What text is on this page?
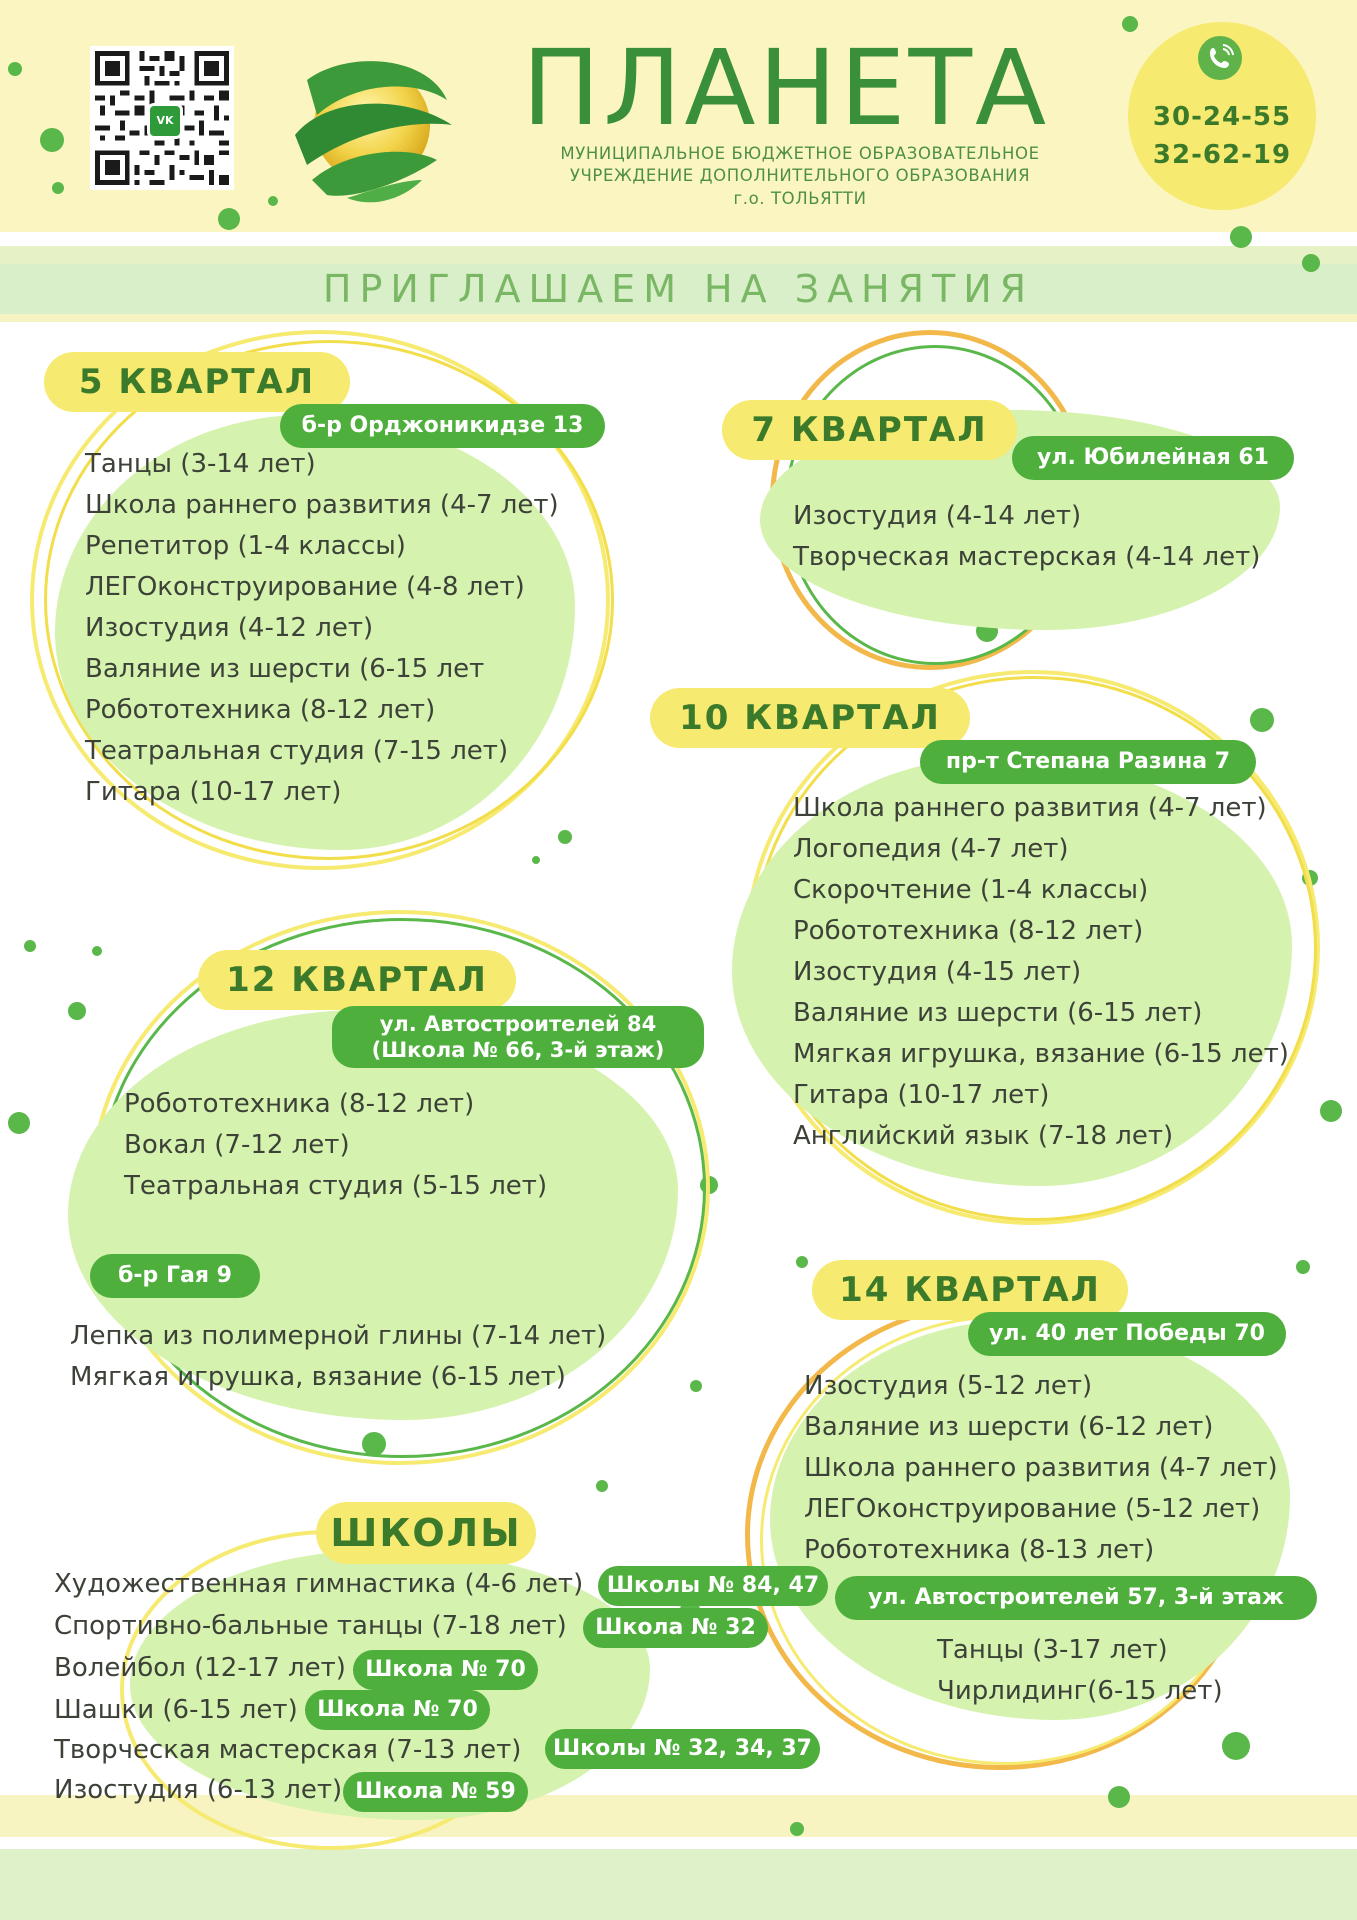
VK	ПЛАНЕТА
МУНИЦИПАЛЬНОЕ БЮДЖЕТНОЕ ОБРАЗОВАТЕЛЬНОЕ
УЧРЕЖДЕНИЕ ДОПОЛНИТЕЛЬНОГО ОБРАЗОВАНИЯ
г.о. ТОЛЬЯТТИ
30-24-55
32-62-19
ПРИГЛАШАЕМ НА ЗАНЯТИЯ
5 КВАРТАЛ
б-р Орджоникидзе 13
Танцы (3-14 лет)
Школа раннего развития (4-7 лет)
Репетитор (1-4 классы)
ЛЕГОконструирование (4-8 лет)
Изостудия (4-12 лет)
Валяние из шерсти (6-15 лет
Робототехника (8-12 лет)
Театральная студия (7-15 лет)
Гитара (10-17 лет)
7 КВАРТАЛ
ул. Юбилейная 61
Изостудия (4-14 лет)
Творческая мастерская (4-14 лет)
10 КВАРТАЛ
пр-т Степана Разина 7
Школа раннего развития (4-7 лет)
Логопедия (4-7 лет)
Скорочтение (1-4 классы)
Робототехника (8-12 лет)
Изостудия (4-15 лет)
Валяние из шерсти (6-15 лет)
Мягкая игрушка, вязание (6-15 лет)
Гитара (10-17 лет)
Английский язык (7-18 лет)
12 КВАРТАЛ
ул. Автостроителей 84
(Школа № 66, 3-й этаж)
Робототехника (8-12 лет)
Вокал (7-12 лет)
Театральная студия (5-15 лет)
б-р Гая 9
Лепка из полимерной глины (7-14 лет)
Мягкая игрушка, вязание (6-15 лет)
14 КВАРТАЛ
ул. 40 лет Победы 70
Изостудия (5-12 лет)
Валяние из шерсти (6-12 лет)
Школа раннего развития (4-7 лет)
ЛЕГОконструирование (5-12 лет)
Робототехника (8-13 лет)
ул. Автостроителей 57, 3-й этаж
Танцы (3-17 лет)
Чирлидинг(6-15 лет)
ШКОЛЫ
Художественная гимнастика (4-6 лет)	Школы № 84, 47
Спортивно-бальные танцы (7-18 лет)	Школа № 32
Волейбол (12-17 лет) Школа № 70
Шашки (6-15 лет) Школа № 70
Творческая мастерская (7-13 лет)	Школы № 32, 34, 37
Изостудия (6-13 лет) Школа № 59
